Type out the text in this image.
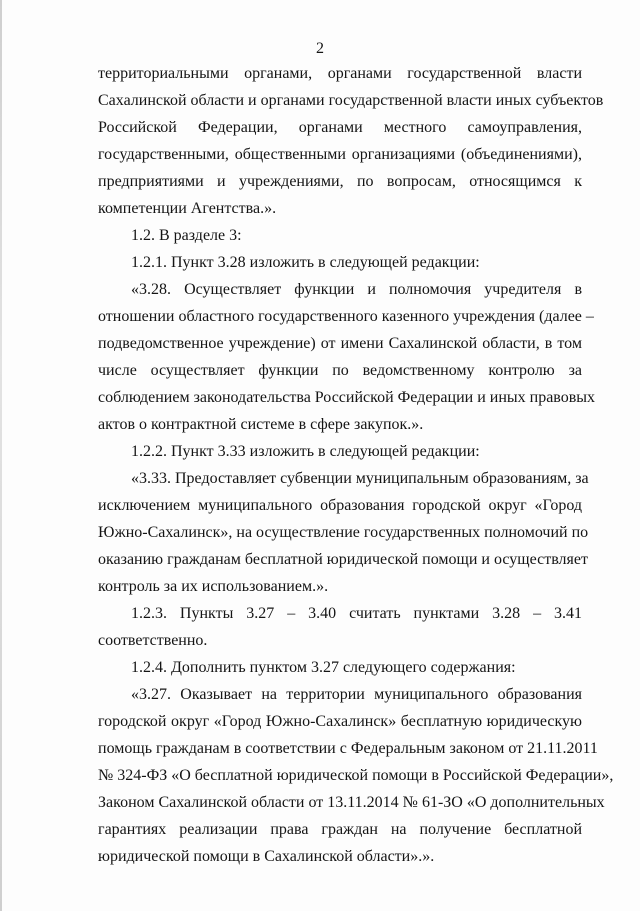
2
территориальными органами, органами государственной власти
Сахалинской области и органами государственной власти иных субъектов
Российской Федерации, органами местного самоуправления,
государственными, общественными организациями (объединениями),
предприятиями и учреждениями, по вопросам, относящимся к
компетенции Агентства.».
1.2. В разделе 3:
1.2.1. Пункт 3.28 изложить в следующей редакции:
«3.28. Осуществляет функции и полномочия учредителя в
отношении областного государственного казенного учреждения (далее –
подведомственное учреждение) от имени Сахалинской области, в том
числе осуществляет функции по ведомственному контролю за
соблюдением законодательства Российской Федерации и иных правовых
актов о контрактной системе в сфере закупок.».
1.2.2. Пункт 3.33 изложить в следующей редакции:
«3.33. Предоставляет субвенции муниципальным образованиям, за
исключением муниципального образования городской округ «Город
Южно-Сахалинск», на осуществление государственных полномочий по
оказанию гражданам бесплатной юридической помощи и осуществляет
контроль за их использованием.».
1.2.3. Пункты 3.27 – 3.40 считать пунктами 3.28 – 3.41
соответственно.
1.2.4. Дополнить пунктом 3.27 следующего содержания:
«3.27. Оказывает на территории муниципального образования
городской округ «Город Южно-Сахалинск» бесплатную юридическую
помощь гражданам в соответствии с Федеральным законом от 21.11.2011
№ 324-ФЗ «О бесплатной юридической помощи в Российской Федерации»,
Законом Сахалинской области от 13.11.2014 № 61-ЗО «О дополнительных
гарантиях реализации права граждан на получение бесплатной
юридической помощи в Сахалинской области».».
